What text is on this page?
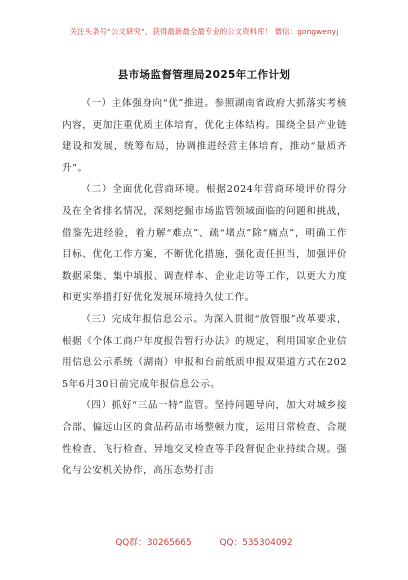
关注头条号“公文研究”，获得最新最全最专业的公文资料库！ 微信：gongwenyj
县市场监督管理局2025年工作计划

（一）主体强身向“优”推进。参照湖南省政府大抓落实考核内容，更加注重优质主体培育，优化主体结构。围绕全县产业链建设和发展，统筹布局，协调推进经营主体培育，推动“量质齐升”。

（二）全面优化营商环境。根据2024年营商环境评价得分及在全省排名情况，深刻挖掘市场监管领域面临的问题和挑战，借鉴先进经验，着力解“难点”、疏“堵点”除“痛点”，明确工作目标、优化工作方案，不断优化措施，强化责任担当，加强评价数据采集、集中填报、调查样本、企业走访等工作，以更大力度和更实举措打好优化发展环境持久仗工作。

（三）完成年报信息公示。为深入贯彻“放管服”改革要求，根据《个体工商户年度报告暂行办法》的规定，利用国家企业信用信息公示系统（湖南）申报和台前纸质申报双渠道方式在2025年6月30日前完成年报信息公示。

（四）抓好“三品一特”监管。坚持问题导向，加大对城乡接合部、偏远山区的食品药品市场整顿力度，运用日常检查、合规性检查、飞行检查、异地交叉检查等手段督促企业持续合规。强化与公安机关协作，高压态势打击

QQ群：30265665	QQ：535304092
